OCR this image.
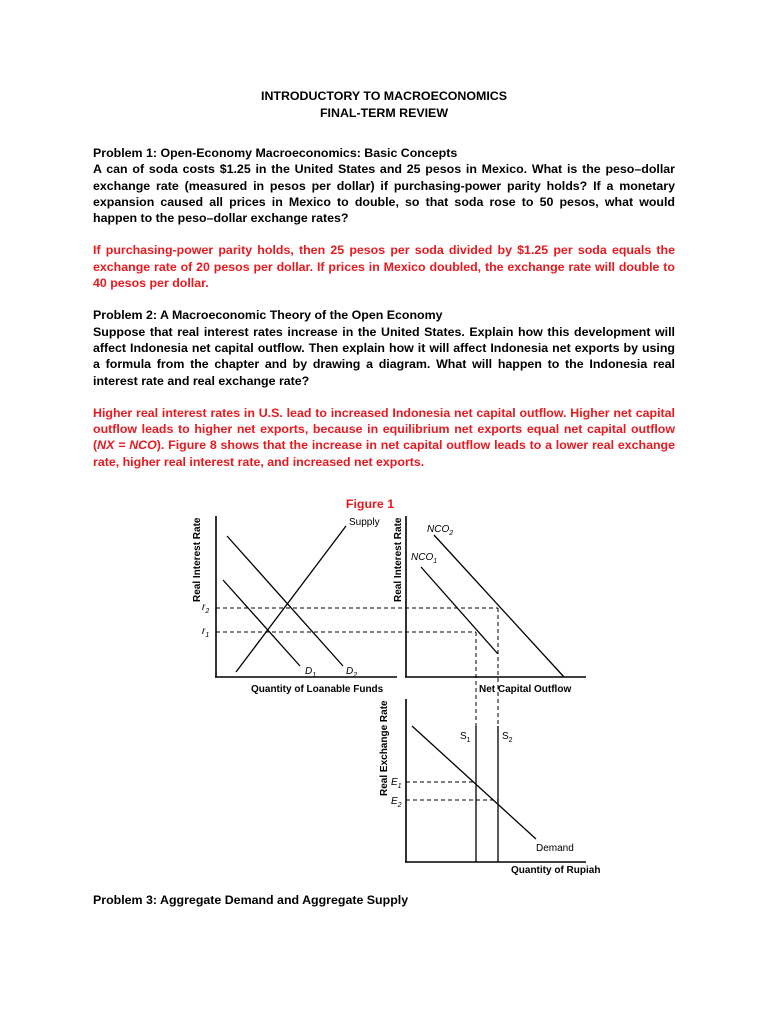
INTRODUCTORY TO MACROECONOMICS
FINAL-TERM REVIEW
Problem 1: Open-Economy Macroeconomics: Basic Concepts

A can of soda costs $1.25 in the United States and 25 pesos in Mexico. What is the peso–dollar exchange rate (measured in pesos per dollar) if purchasing-power parity holds? If a monetary expansion caused all prices in Mexico to double, so that soda rose to 50 pesos, what would happen to the peso–dollar exchange rates?

If purchasing-power parity holds, then 25 pesos per soda divided by $1.25 per soda equals the exchange rate of 20 pesos per dollar. If prices in Mexico doubled, the exchange rate will double to 40 pesos per dollar.

Problem 2: A Macroeconomic Theory of the Open Economy

Suppose that real interest rates increase in the United States. Explain how this development will affect Indonesia net capital outflow. Then explain how it will affect Indonesia net exports by using a formula from the chapter and by drawing a diagram. What will happen to the Indonesia real interest rate and real exchange rate?

Higher real interest rates in U.S. lead to increased Indonesia net capital outflow. Higher net capital outflow leads to higher net exports, because in equilibrium net exports equal net capital outflow (NX = NCO). Figure 8 shows that the increase in net capital outflow leads to a lower real exchange rate, higher real interest rate, and increased net exports.

Figure 1
Real Interest Rate
Quantity of Loanable Funds
Supply
$D_1$	$D_2$
$r_2$
$r_1$
Real Interest Rate
Net Capital Outflow
$NCO_1$
$NCO_2$
Real Exchange Rate
Quantity of Rupiah
$S_1$	$S_2$
Demand
$E_1$
$E_2$
Problem 3: Aggregate Demand and Aggregate Supply
